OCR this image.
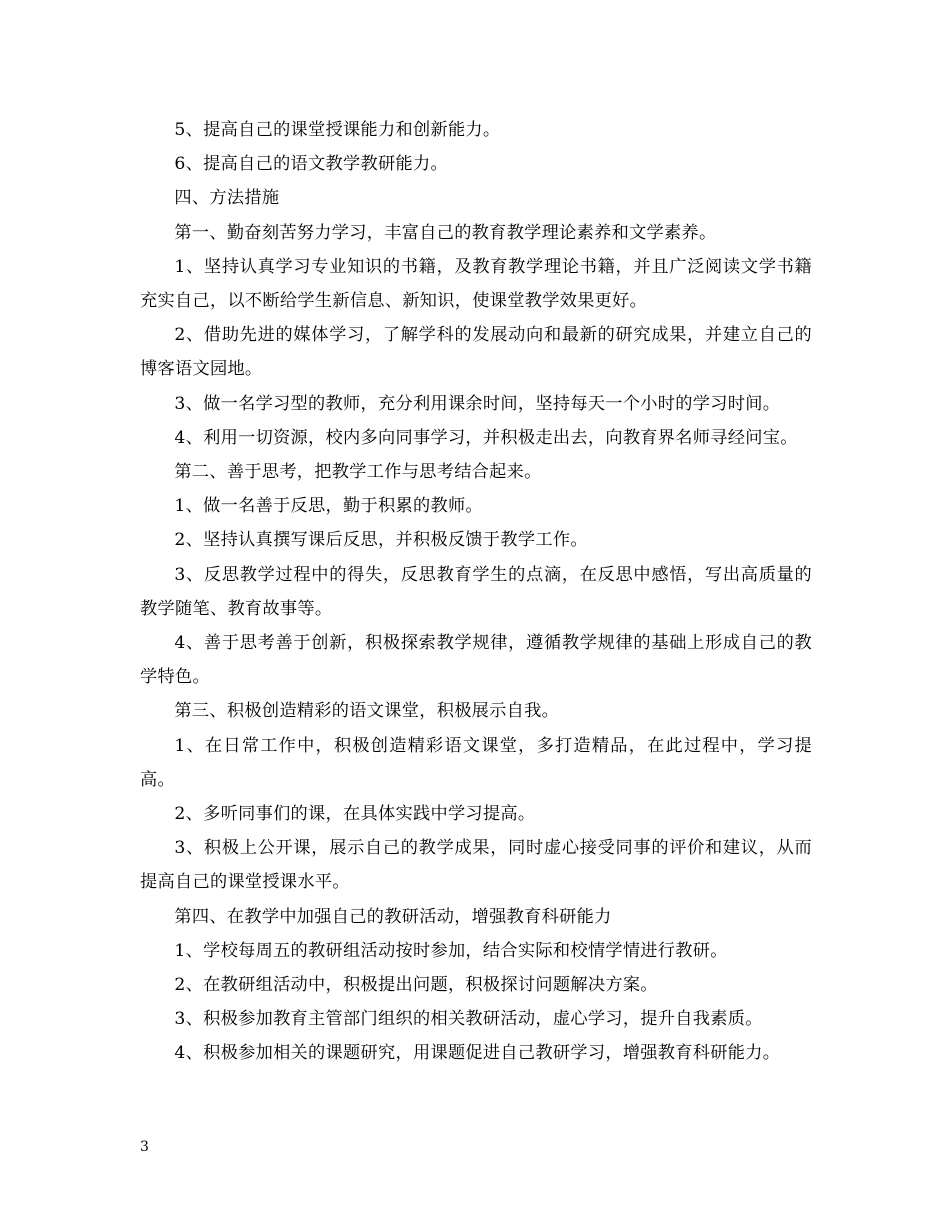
5、提高自己的课堂授课能力和创新能力。

6、提高自己的语文教学教研能力。

四、方法措施

第一、勤奋刻苦努力学习，丰富自己的教育教学理论素养和文学素养。

1、坚持认真学习专业知识的书籍，及教育教学理论书籍，并且广泛阅读文学书籍充实自己，以不断给学生新信息、新知识，使课堂教学效果更好。

2、借助先进的媒体学习，了解学科的发展动向和最新的研究成果，并建立自己的博客语文园地。

3、做一名学习型的教师，充分利用课余时间，坚持每天一个小时的学习时间。

4、利用一切资源，校内多向同事学习，并积极走出去，向教育界名师寻经问宝。

第二、善于思考，把教学工作与思考结合起来。

1、做一名善于反思，勤于积累的教师。

2、坚持认真撰写课后反思，并积极反馈于教学工作。

3、反思教学过程中的得失，反思教育学生的点滴，在反思中感悟，写出高质量的教学随笔、教育故事等。

4、善于思考善于创新，积极探索教学规律，遵循教学规律的基础上形成自己的教学特色。

第三、积极创造精彩的语文课堂，积极展示自我。

1、在日常工作中，积极创造精彩语文课堂，多打造精品，在此过程中，学习提高。

2、多听同事们的课，在具体实践中学习提高。

3、积极上公开课，展示自己的教学成果，同时虚心接受同事的评价和建议，从而提高自己的课堂授课水平。

第四、在教学中加强自己的教研活动，增强教育科研能力

1、学校每周五的教研组活动按时参加，结合实际和校情学情进行教研。

2、在教研组活动中，积极提出问题，积极探讨问题解决方案。

3、积极参加教育主管部门组织的相关教研活动，虚心学习，提升自我素质。

4、积极参加相关的课题研究，用课题促进自己教研学习，增强教育科研能力。

3
